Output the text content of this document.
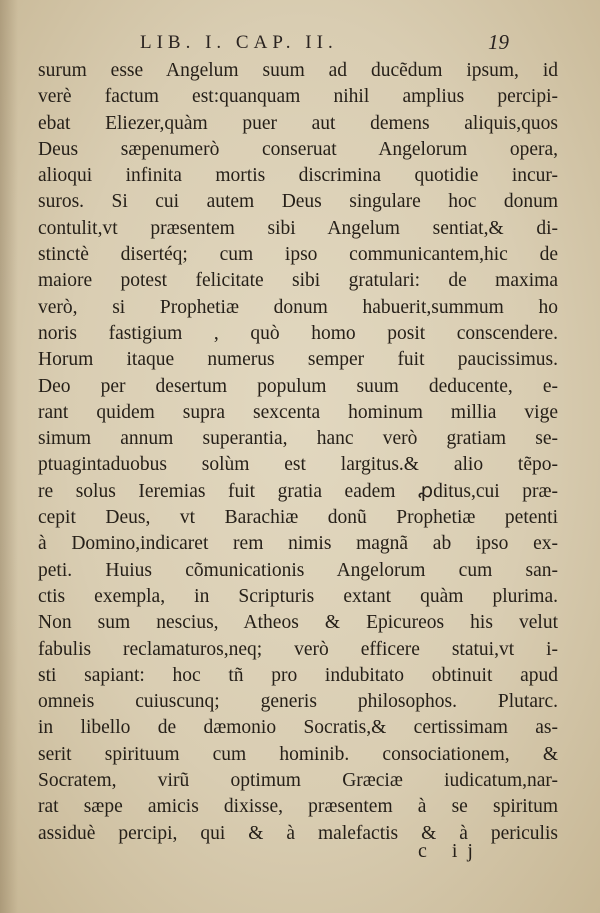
LIB. I. CAP. II.	19
surum esse Angelum suum ad ducẽdum ipsum, id
verè factum est:quanquam nihil amplius percipi-
ebat Eliezer,quàm puer aut demens aliquis,quos
Deus sæpenumerò conseruat Angelorum opera,
alioqui infinita mortis discrimina quotidie incur-
suros. Si cui autem Deus singulare hoc donum
contulit,vt præsentem sibi Angelum sentiat,& di-
stinctè disertéq; cum ipso communicantem,hic de
maiore potest felicitate sibi gratulari: de maxima
verò, si Prophetiæ donum habuerit,summum ho
noris fastigium , quò homo posit conscendere.
Horum itaque numerus semper fuit paucissimus.
Deo per desertum populum suum deducente, e-
rant quidem supra sexcenta hominum millia vige
simum annum superantia, hanc verò gratiam se-
ptuagintaduobus solùm est largitus.& alio tẽpo-
re solus Ieremias fuit gratia eadem ꝓditus,cui præ-
cepit Deus, vt Barachiæ donũ Prophetiæ petenti
à Domino,indicaret rem nimis magnã ab ipso ex-
peti. Huius cõmunicationis Angelorum cum san-
ctis exempla, in Scripturis extant quàm plurima.
Non sum nescius, Atheos & Epicureos his velut
fabulis reclamaturos,neq; verò efficere statui,vt i-
sti sapiant: hoc tñ pro indubitato obtinuit apud
omneis cuiuscunq; generis philosophos. Plutarc.
in libello de dæmonio Socratis,& certissimam as-
serit spirituum cum hominib. consociationem, &
Socratem, virũ optimum Græciæ iudicatum,nar-
rat sæpe amicis dixisse, præsentem à se spiritum
assiduè percipi, qui & à malefactis & à periculis
c ij
